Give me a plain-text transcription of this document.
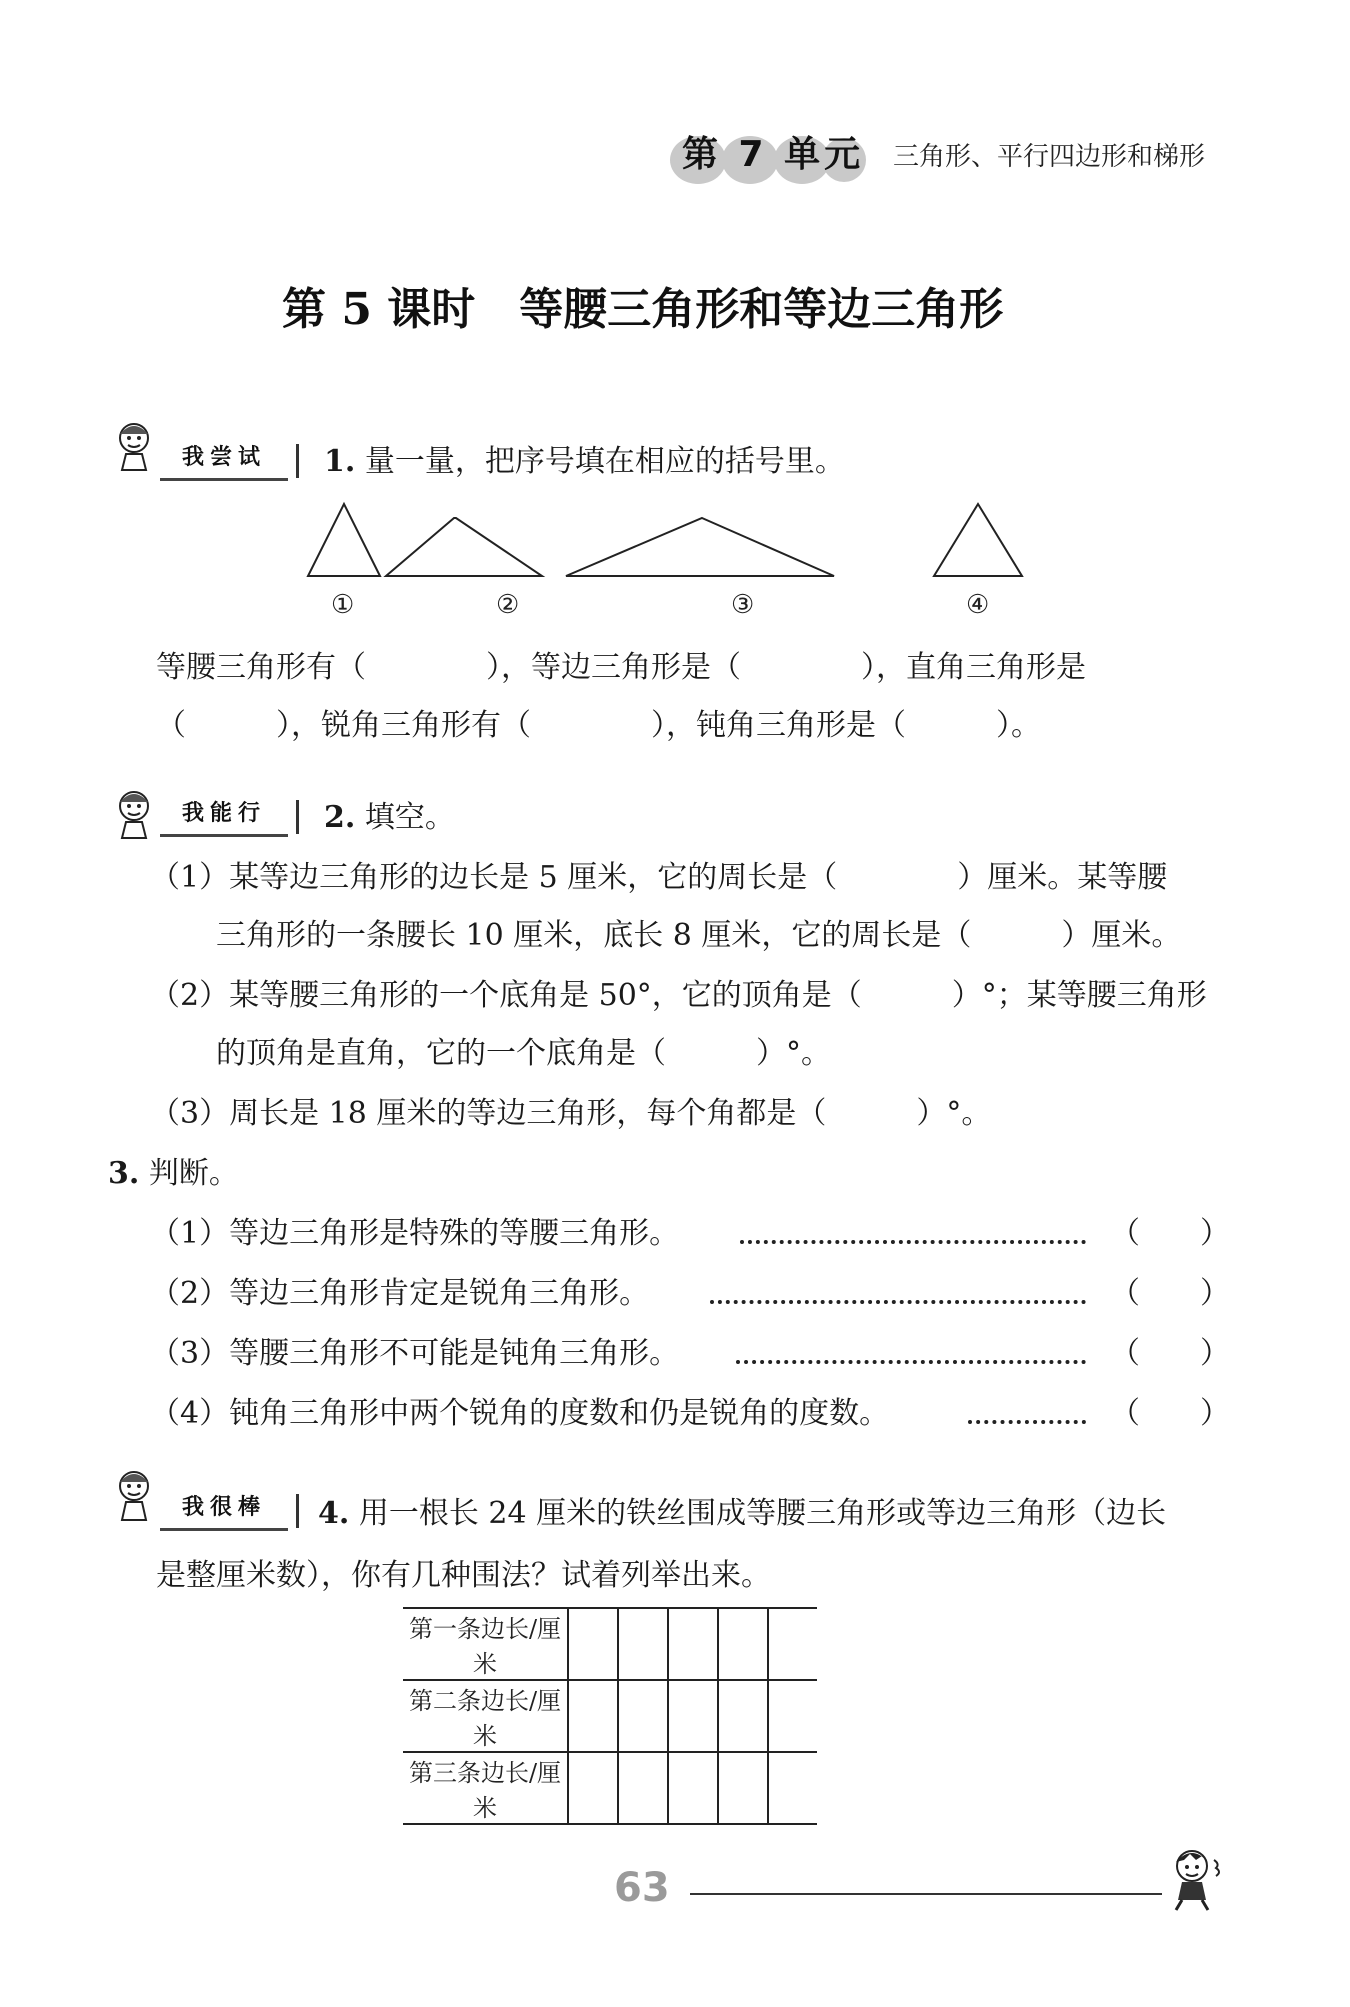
第 7 单元 三角形、平行四边形和梯形
第 5 课时　等腰三角形和等边三角形
我尝试	1. 量一量，把序号填在相应的括号里。
①	②	③	④
等腰三角形有（　　　　），等边三角形是（　　　　），直角三角形是
（　　　），锐角三角形有（　　　　），钝角三角形是（　　　）。
我能行	2. 填空。
（1）某等边三角形的边长是 5 厘米，它的周长是（　　　　）厘米。某等腰
三角形的一条腰长 10 厘米，底长 8 厘米，它的周长是（　　　）厘米。
（2）某等腰三角形的一个底角是 50°，它的顶角是（　　　）°；某等腰三角形
的顶角是直角，它的一个底角是（　　　）°。
（3）周长是 18 厘米的等边三角形，每个角都是（　　　）°。
3. 判断。
（1）等边三角形是特殊的等腰三角形。	（　　）
（2）等边三角形肯定是锐角三角形。	（　　）
（3）等腰三角形不可能是钝角三角形。	（　　）
（4）钝角三角形中两个锐角的度数和仍是锐角的度数。	（　　）
我很棒	4. 用一根长 24 厘米的铁丝围成等腰三角形或等边三角形（边长
是整厘米数），你有几种围法？试着列举出来。
第一条边长/厘米					
第二条边长/厘米					
第三条边长/厘米					
63
